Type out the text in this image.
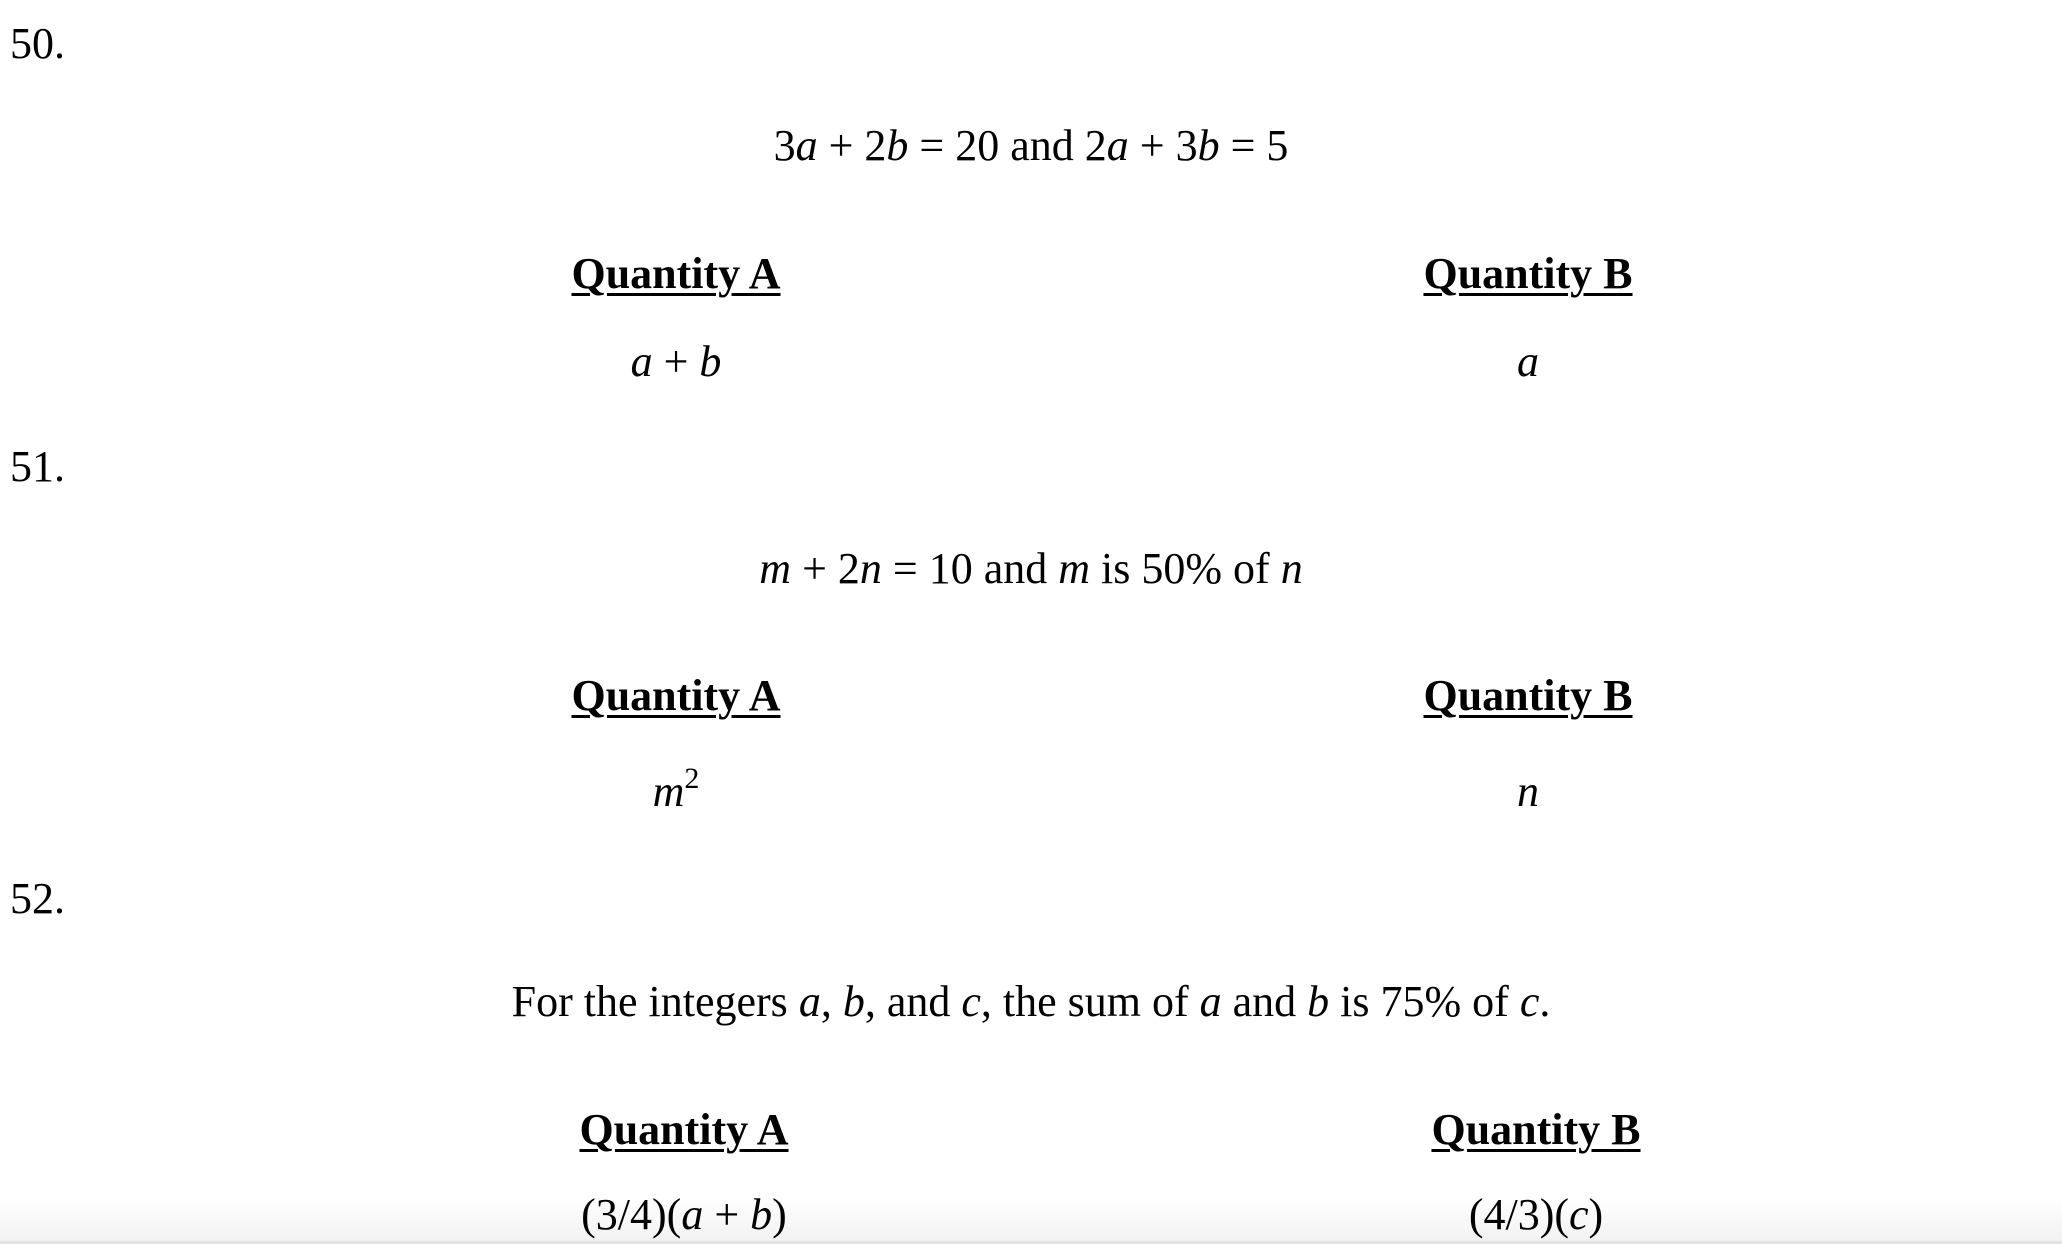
50.
3a + 2b = 20 and 2a + 3b = 5
Quantity A	Quantity B
a + b	a
51.
m + 2n = 10 and m is 50% of n
Quantity A	Quantity B
$m^2$	n
52.
For the integers a, b, and c, the sum of a and b is 75% of c.
Quantity A	Quantity B
(3/4)(a + b)	(4/3)(c)
